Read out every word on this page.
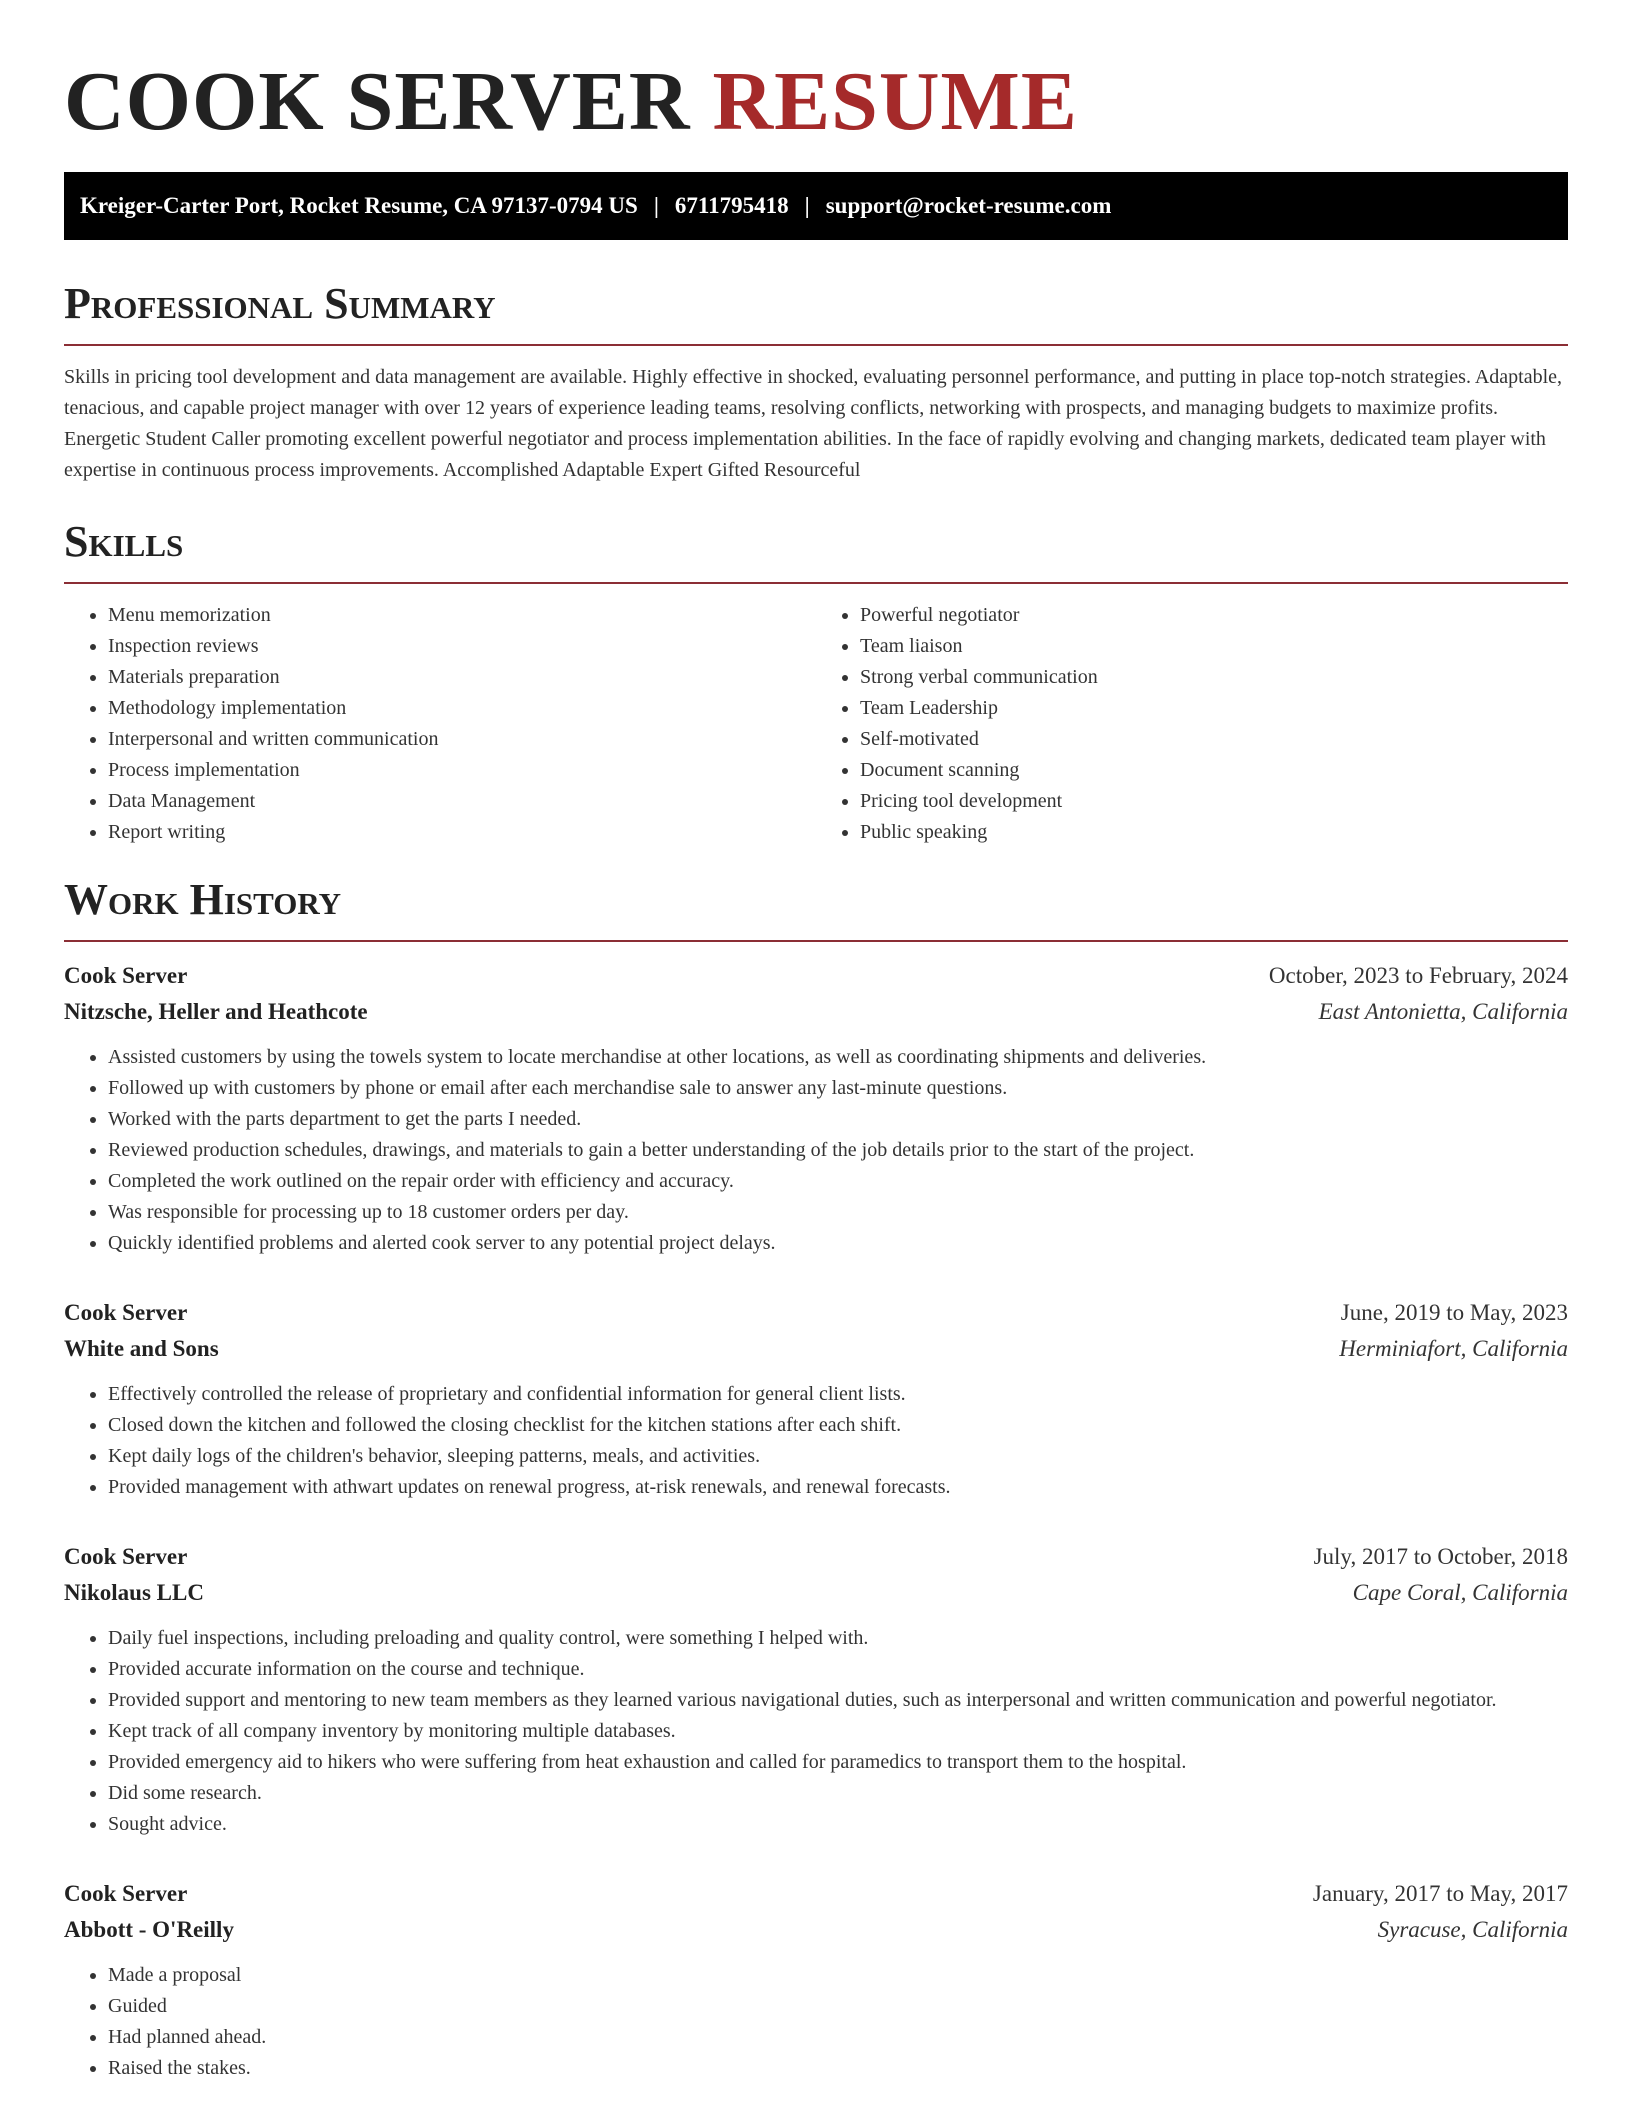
COOK SERVER RESUME
Kreiger-Carter Port, Rocket Resume, CA 97137-0794 US | 6711795418 | support@rocket-resume.com
Professional Summary

Skills in pricing tool development and data management are available. Highly effective in shocked, evaluating personnel performance, and putting in place top-notch strategies. Adaptable, tenacious, and capable project manager with over 12 years of experience leading teams, resolving conflicts, networking with prospects, and managing budgets to maximize profits. Energetic Student Caller promoting excellent powerful negotiator and process implementation abilities. In the face of rapidly evolving and changing markets, dedicated team player with expertise in continuous process improvements. Accomplished Adaptable Expert Gifted Resourceful

Skills
• Menu memorization
• Inspection reviews
• Materials preparation
• Methodology implementation
• Interpersonal and written communication
• Process implementation
• Data Management
• Report writing
• Powerful negotiator
• Team liaison
• Strong verbal communication
• Team Leadership
• Self-motivated
• Document scanning
• Pricing tool development
• Public speaking
Work History
Cook Server	October, 2023 to February, 2024
Nitzsche, Heller and Heathcote	East Antonietta, California
• Assisted customers by using the towels system to locate merchandise at other locations, as well as coordinating shipments and deliveries.
• Followed up with customers by phone or email after each merchandise sale to answer any last-minute questions.
• Worked with the parts department to get the parts I needed.
• Reviewed production schedules, drawings, and materials to gain a better understanding of the job details prior to the start of the project.
• Completed the work outlined on the repair order with efficiency and accuracy.
• Was responsible for processing up to 18 customer orders per day.
• Quickly identified problems and alerted cook server to any potential project delays.
Cook Server	June, 2019 to May, 2023
White and Sons	Herminiafort, California
• Effectively controlled the release of proprietary and confidential information for general client lists.
• Closed down the kitchen and followed the closing checklist for the kitchen stations after each shift.
• Kept daily logs of the children's behavior, sleeping patterns, meals, and activities.
• Provided management with athwart updates on renewal progress, at-risk renewals, and renewal forecasts.
Cook Server	July, 2017 to October, 2018
Nikolaus LLC	Cape Coral, California
• Daily fuel inspections, including preloading and quality control, were something I helped with.
• Provided accurate information on the course and technique.
• Provided support and mentoring to new team members as they learned various navigational duties, such as interpersonal and written communication and powerful negotiator.
• Kept track of all company inventory by monitoring multiple databases.
• Provided emergency aid to hikers who were suffering from heat exhaustion and called for paramedics to transport them to the hospital.
• Did some research.
• Sought advice.
Cook Server	January, 2017 to May, 2017
Abbott - O'Reilly	Syracuse, California
• Made a proposal
• Guided
• Had planned ahead.
• Raised the stakes.
